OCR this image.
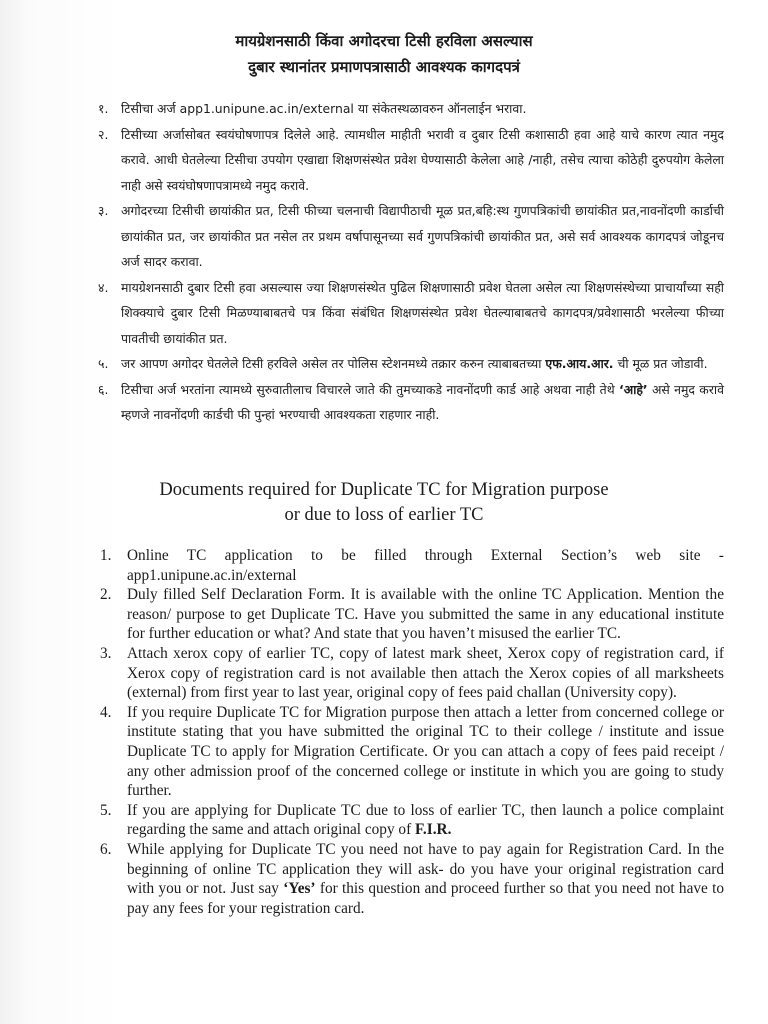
मायग्रेशनसाठी किंवा अगोदरचा टिसी हरविला असल्यास
दुबार स्थानांतर प्रमाणपत्रासाठी आवश्यक कागदपत्रं
१. टिसीचा अर्ज app1.unipune.ac.in/external या संकेतस्थळावरुन ऑनलाईन भरावा.
२. टिसीच्या अर्जासोबत स्वयंघोषणापत्र दिलेले आहे. त्यामधील माहीती भरावी व दुबार टिसी कशासाठी हवा आहे याचे कारण त्यात नमुद करावे. आधी घेतलेल्या टिसीचा उपयोग एखाद्या शिक्षणसंस्थेत प्रवेश घेण्यासाठी केलेला आहे /नाही, तसेच त्याचा कोठेही दुरुपयोग केलेला नाही असे स्वयंघोषणापत्रामध्ये नमुद करावे.
३. अगोदरच्या टिसीची छायांकीत प्रत, टिसी फीच्या चलनाची विद्यापीठाची मूळ प्रत,बहि:स्थ गुणपत्रिकांची छायांकीत प्रत,नावनोंदणी कार्डाची छायांकीत प्रत, जर छायांकीत प्रत नसेल तर प्रथम वर्षापासूनच्या सर्व गुणपत्रिकांची छायांकीत प्रत, असे सर्व आवश्यक कागदपत्रं जोडूनच अर्ज सादर करावा.
४. मायग्रेशनसाठी दुबार टिसी हवा असल्यास ज्या शिक्षणसंस्थेत पुढिल शिक्षणासाठी प्रवेश घेतला असेल त्या शिक्षणसंस्थेच्या प्राचार्यांच्या सही शिक्क्याचे दुबार टिसी मिळण्याबाबतचे पत्र किंवा संबंधित शिक्षणसंस्थेत प्रवेश घेतल्याबाबतचे कागदपत्र/प्रवेशासाठी भरलेल्या फीच्या पावतीची छायांकीत प्रत.
५. जर आपण अगोदर घेतलेले टिसी हरविले असेल तर पोलिस स्टेशनमध्ये तक्रार करुन त्याबाबतच्या एफ.आय.आर. ची मूळ प्रत जोडावी.
६. टिसीचा अर्ज भरतांना त्यामध्ये सुरुवातीलाच विचारले जाते की तुमच्याकडे नावनोंदणी कार्ड आहे अथवा नाही तेथे ‘आहे’ असे नमुद करावे म्हणजे नावनोंदणी कार्डची फी पुन्हां भरण्याची आवश्यकता राहणार नाही.
Documents required for Duplicate TC for Migration purpose
or due to loss of earlier TC
1. Online TC application to be filled through External Section’s web site - app1.unipune.ac.in/external
2. Duly filled Self Declaration Form. It is available with the online TC Application. Mention the reason/ purpose to get Duplicate TC. Have you submitted the same in any educational institute for further education or what? And state that you haven’t misused the earlier TC.
3. Attach xerox copy of earlier TC, copy of latest mark sheet, Xerox copy of registration card, if Xerox copy of registration card is not available then attach the Xerox copies of all marksheets (external) from first year to last year, original copy of fees paid challan (University copy).
4. If you require Duplicate TC for Migration purpose then attach a letter from concerned college or institute stating that you have submitted the original TC to their college / institute and issue Duplicate TC to apply for Migration Certificate. Or you can attach a copy of fees paid receipt / any other admission proof of the concerned college or institute in which you are going to study further.
5. If you are applying for Duplicate TC due to loss of earlier TC, then launch a police complaint regarding the same and attach original copy of F.I.R.
6. While applying for Duplicate TC you need not have to pay again for Registration Card. In the beginning of online TC application they will ask- do you have your original registration card with you or not. Just say ‘Yes’ for this question and proceed further so that you need not have to pay any fees for your registration card.
